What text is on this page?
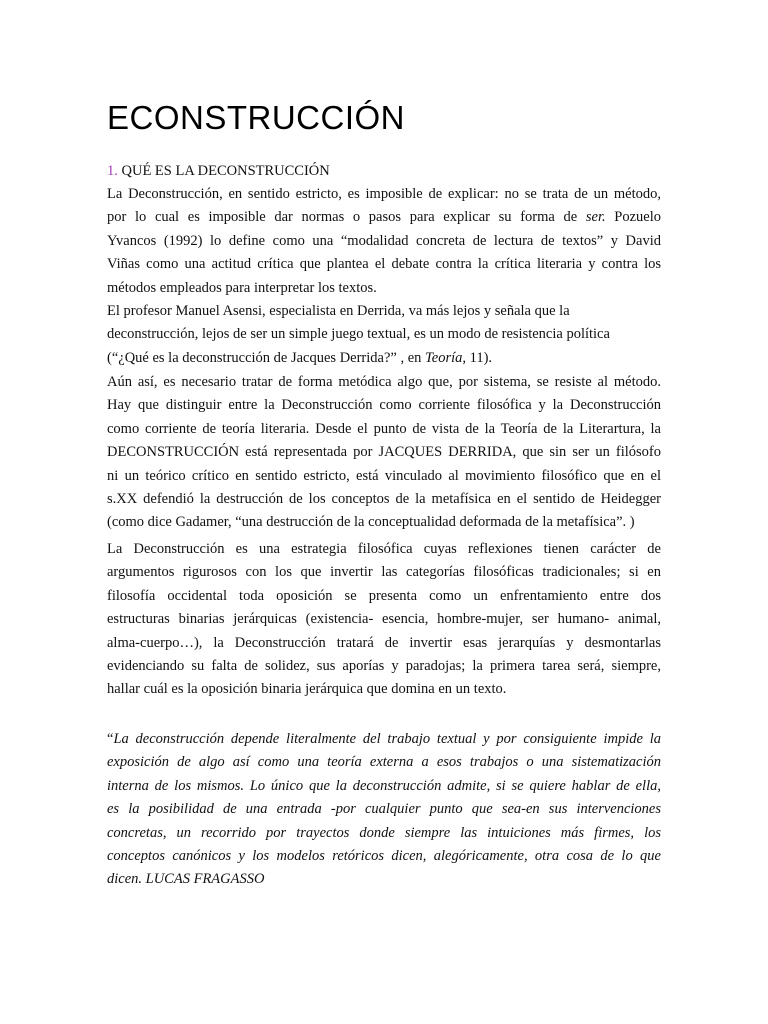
ECONSTRUCCIÓN
1. QUÉ ES LA DECONSTRUCCIÓN
La Deconstrucción, en sentido estricto, es imposible de explicar: no se trata de un método,
por lo cual es imposible dar normas o pasos para explicar su forma de ser. Pozuelo
Yvancos (1992) lo define como una “modalidad concreta de lectura de textos” y David
Viñas como una actitud crítica que plantea el debate contra la crítica literaria y contra los
métodos empleados para interpretar los textos.
El profesor Manuel Asensi, especialista en Derrida, va más lejos y señala que la
deconstrucción, lejos de ser un simple juego textual, es un modo de resistencia política
(“¿Qué es la deconstrucción de Jacques Derrida?” , en Teoría, 11).
Aún así, es necesario tratar de forma metódica algo que, por sistema, se resiste al método.
Hay que distinguir entre la Deconstrucción como corriente filosófica y la Deconstrucción
como corriente de teoría literaria. Desde el punto de vista de la Teoría de la Literartura, la
DECONSTRUCCIÓN está representada por JACQUES DERRIDA, que sin ser un filósofo
ni un teórico crítico en sentido estricto, está vinculado al movimiento filosófico que en el
s.XX defendió la destrucción de los conceptos de la metafísica en el sentido de Heidegger
(como dice Gadamer, “una destrucción de la conceptualidad deformada de la metafísica”. )
La Deconstrucción es una estrategia filosófica cuyas reflexiones tienen carácter de
argumentos rigurosos con los que invertir las categorías filosóficas tradicionales; si en
filosofía occidental toda oposición se presenta como un enfrentamiento entre dos
estructuras binarias jerárquicas (existencia- esencia, hombre-mujer, ser humano- animal,
alma-cuerpo…), la Deconstrucción tratará de invertir esas jerarquías y desmontarlas
evidenciando su falta de solidez, sus aporías y paradojas; la primera tarea será, siempre,
hallar cuál es la oposición binaria jerárquica que domina en un texto.
“La deconstrucción depende literalmente del trabajo textual y por consiguiente impide la
exposición de algo así como una teoría externa a esos trabajos o una sistematización
interna de los mismos. Lo único que la deconstrucción admite, si se quiere hablar de ella,
es la posibilidad de una entrada -por cualquier punto que sea-en sus intervenciones
concretas, un recorrido por trayectos donde siempre las intuiciones más firmes, los
conceptos canónicos y los modelos retóricos dicen, alegóricamente, otra cosa de lo que
dicen. LUCAS FRAGASSO
